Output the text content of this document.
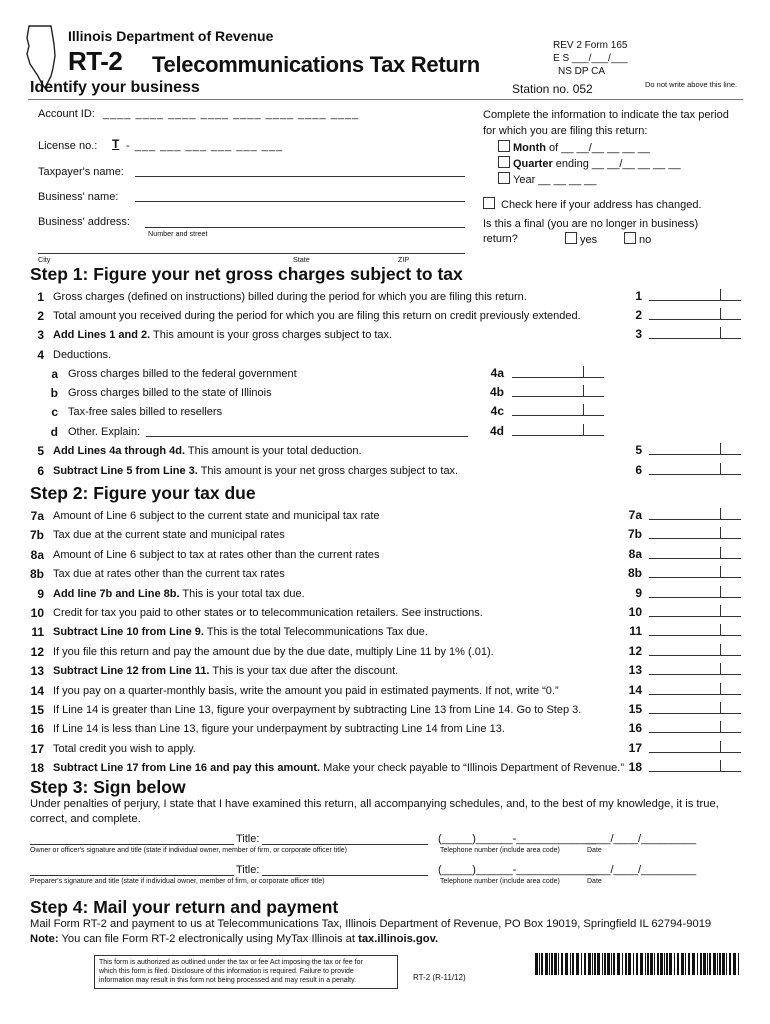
Illinois Department of Revenue
RT-2 Telecommunications Tax Return
REV 2 Form 165
E S ___/___/___
NS DP CA
Do not write above this line.
Identify your business	Station no. 052
Account ID: ____ ____ ____ ____ ____ ____ ____ ____
License no.: T - ___ ___ ___ ___ ___ ___
Taxpayer's name:
Business' name:
Business' address:
Number and street
City	State	ZIP
Complete the information to indicate the tax period
for which you are filing this return:
Month of __ __/__ __ __ __
Quarter ending __ __/__ __ __ __
Year __ __ __ __
Check here if your address has changed.
Is this a final (you are no longer in business)
return?	yes	no
Step 1: Figure your net gross charges subject to tax
1 Gross charges (defined on instructions) billed during the period for which you are filing this return.	1
2 Total amount you received during the period for which you are filing this return on credit previously extended.	2
3 Add Lines 1 and 2. This amount is your gross charges subject to tax.	3
4 Deductions.
a Gross charges billed to the federal government	4a
b Gross charges billed to the state of Illinois	4b
c Tax-free sales billed to resellers	4c
d Other. Explain:	4d
5 Add Lines 4a through 4d. This amount is your total deduction.	5
6 Subtract Line 5 from Line 3. This amount is your net gross charges subject to tax.	6
Step 2: Figure your tax due
7a Amount of Line 6 subject to the current state and municipal tax rate	7a
7b Tax due at the current state and municipal rates	7b
8a Amount of Line 6 subject to tax at rates other than the current rates	8a
8b Tax due at rates other than the current tax rates	8b
9 Add line 7b and Line 8b. This is your total tax due.	9
10 Credit for tax you paid to other states or to telecommunication retailers. See instructions.	10
11 Subtract Line 10 from Line 9. This is the total Telecommunications Tax due.	11
12 If you file this return and pay the amount due by the due date, multiply Line 11 by 1% (.01).	12
13 Subtract Line 12 from Line 11. This is your tax due after the discount.	13
14 If you pay on a quarter-monthly basis, write the amount you paid in estimated payments. If not, write “0.”	14
15 If Line 14 is greater than Line 13, figure your overpayment by subtracting Line 13 from Line 14. Go to Step 3.	15
16 If Line 14 is less than Line 13, figure your underpayment by subtracting Line 14 from Line 13.	16
17 Total credit you wish to apply.	17
18 Subtract Line 17 from Line 16 and pay this amount. Make your check payable to “Illinois Department of Revenue.” 18
Step 3: Sign below
Under penalties of perjury, I state that I have examined this return, all accompanying schedules, and, to the best of my knowledge, it is true,
correct, and complete.
Title:	(_____)______-_____________
____/____/_________
Owner or officer's signature and title (state if individual owner, member of firm, or corporate officer title)	Telephone number (include area code)	Date
Title:	(_____)______-_____________
____/____/_________
Preparer's signature and title (state if individual owner, member of firm, or corporate officer title)	Telephone number (include area code)	Date
Step 4: Mail your return and payment
Mail Form RT-2 and payment to us at Telecommunications Tax, Illinois Department of Revenue, PO Box 19019, Springfield IL 62794-9019
Note: You can file Form RT-2 electronically using MyTax Illinois at tax.illinois.gov.
This form is authorized as outlined under the tax or fee Act imposing the tax or fee for
which this form is filed. Disclosure of this information is required. Failure to provide
information may result in this form not being processed and may result in a penalty.	RT-2 (R-11/12)
